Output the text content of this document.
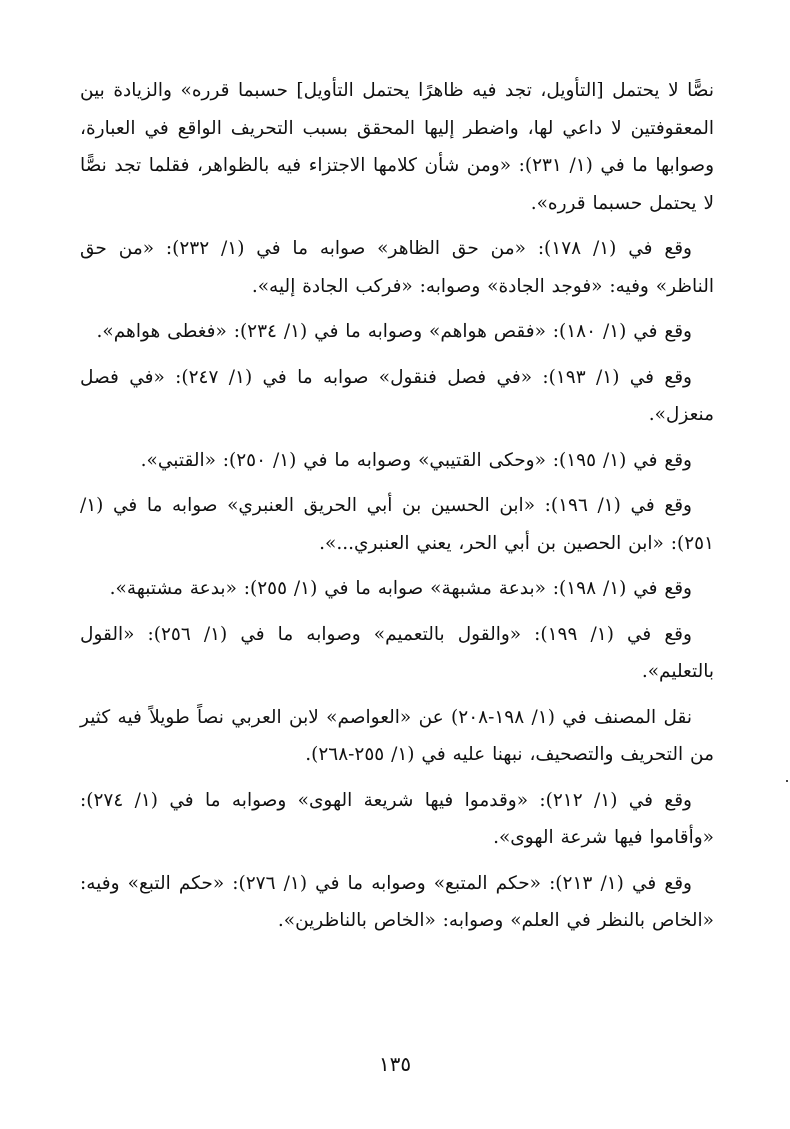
نصًّا لا يحتمل [التأويل، تجد فيه ظاهرًا يحتمل التأويل] حسبما قرره» والزيادة بين المعقوفتين لا داعي لها، واضطر إليها المحقق بسبب التحريف الواقع في العبارة، وصوابها ما في (١/ ٢٣١): «ومن شأن كلامها الاجتزاء فيه بالظواهر، فقلما تجد نصًّا لا يحتمل حسبما قرره».

وقع في (١/ ١٧٨): «من حق الظاهر» صوابه ما في (١/ ٢٣٢): «من حق الناظر» وفيه: «فوجد الجادة» وصوابه: «فركب الجادة إليه».

وقع في (١/ ١٨٠): «فقص هواهم» وصوابه ما في (١/ ٢٣٤): «فغطى هواهم».

وقع في (١/ ١٩٣): «في فصل فنقول» صوابه ما في (١/ ٢٤٧): «في فصل منعزل».

وقع في (١/ ١٩٥): «وحكى القتيبي» وصوابه ما في (١/ ٢٥٠): «القتبي».

وقع في (١/ ١٩٦): «ابن الحسين بن أبي الحريق العنبري» صوابه ما في (١/ ٢٥١): «ابن الحصين بن أبي الحر، يعني العنبري...».

وقع في (١/ ١٩٨): «بدعة مشبهة» صوابه ما في (١/ ٢٥٥): «بدعة مشتبهة».

وقع في (١/ ١٩٩): «والقول بالتعميم» وصوابه ما في (١/ ٢٥٦): «القول بالتعليم».

نقل المصنف في (١/ ١٩٨-٢٠٨) عن «العواصم» لابن العربي نصاً طويلاً فيه كثير من التحريف والتصحيف، نبهنا عليه في (١/ ٢٥٥-٢٦٨).

وقع في (١/ ٢١٢): «وقدموا فيها شريعة الهوى» وصوابه ما في (١/ ٢٧٤): «وأقاموا فيها شرعة الهوى».

وقع في (١/ ٢١٣): «حكم المتبع» وصوابه ما في (١/ ٢٧٦): «حكم التبع» وفيه: «الخاص بالنظر في العلم» وصوابه: «الخاص بالناظرين».

١٣٥
